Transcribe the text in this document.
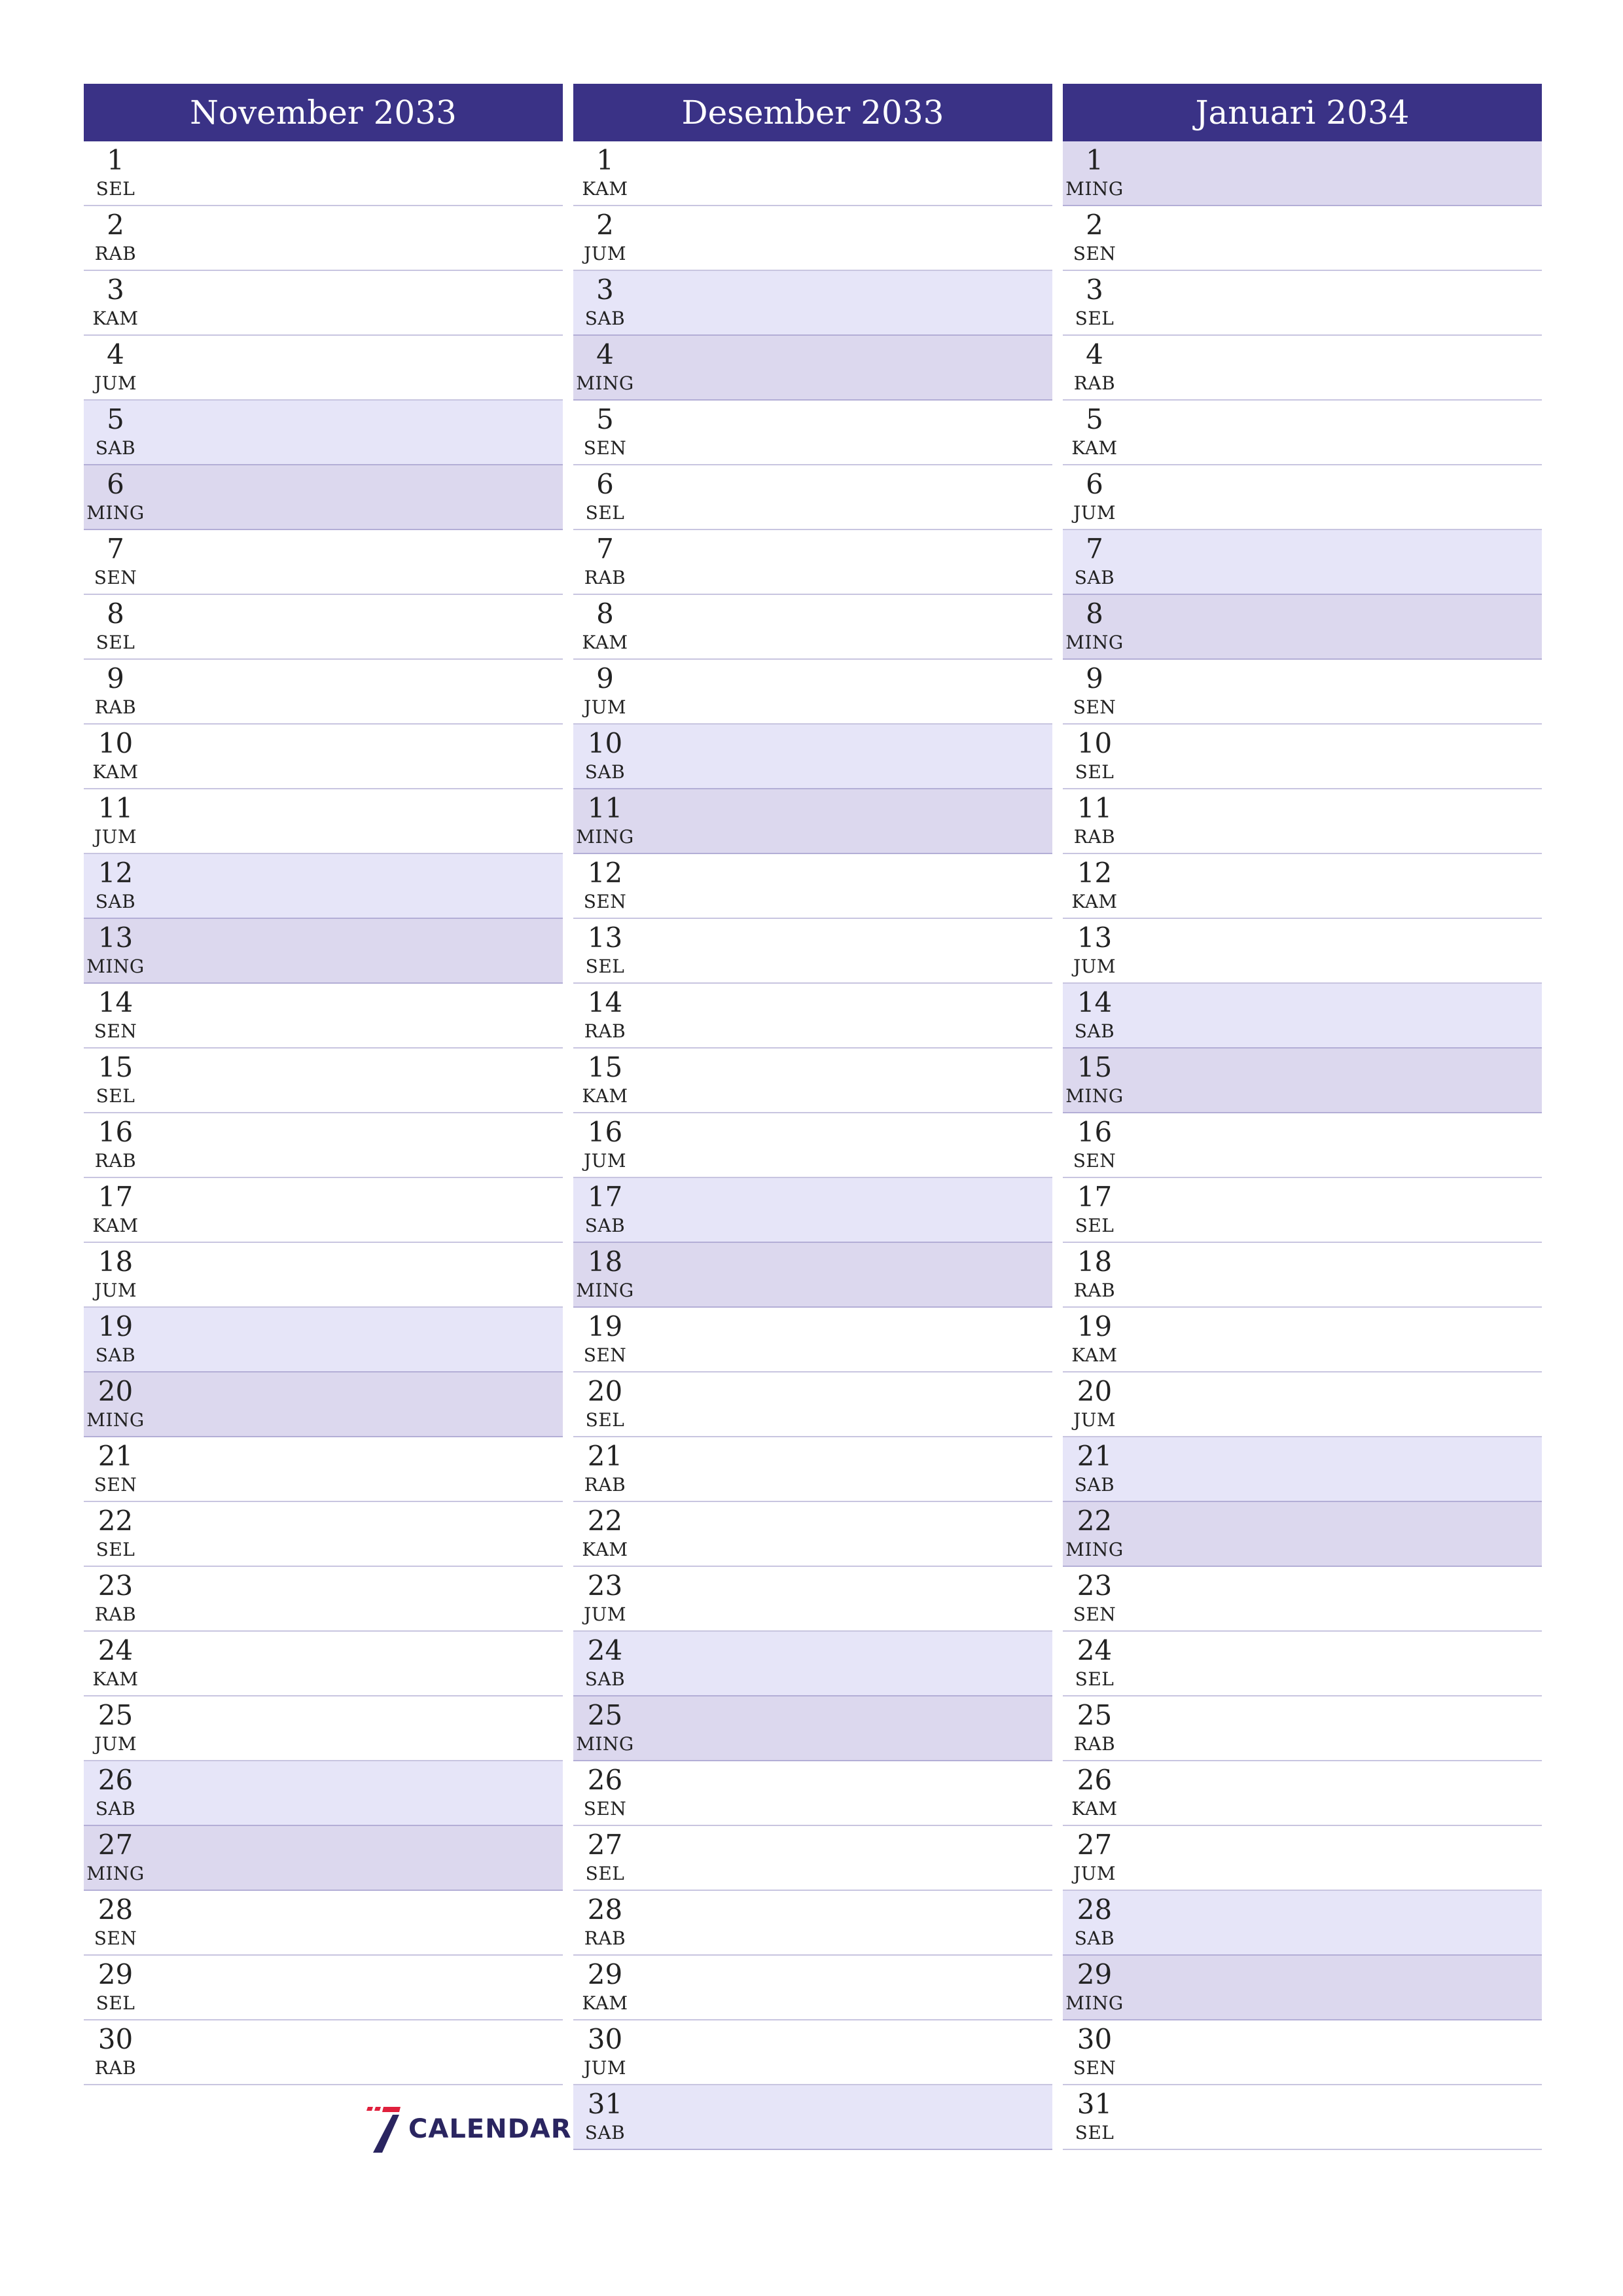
November 2033
1
SEL
2
RAB
3
KAM
4
JUM
5
SAB
6
MING
7
SEN
8
SEL
9
RAB
10
KAM
11
JUM
12
SAB
13
MING
14
SEN
15
SEL
16
RAB
17
KAM
18
JUM
19
SAB
20
MING
21
SEN
22
SEL
23
RAB
24
KAM
25
JUM
26
SAB
27
MING
28
SEN
29
SEL
30
RAB
Desember 2033
1
KAM
2
JUM
3
SAB
4
MING
5
SEN
6
SEL
7
RAB
8
KAM
9
JUM
10
SAB
11
MING
12
SEN
13
SEL
14
RAB
15
KAM
16
JUM
17
SAB
18
MING
19
SEN
20
SEL
21
RAB
22
KAM
23
JUM
24
SAB
25
MING
26
SEN
27
SEL
28
RAB
29
KAM
30
JUM
31
SAB
Januari 2034
1
MING
2
SEN
3
SEL
4
RAB
5
KAM
6
JUM
7
SAB
8
MING
9
SEN
10
SEL
11
RAB
12
KAM
13
JUM
14
SAB
15
MING
16
SEN
17
SEL
18
RAB
19
KAM
20
JUM
21
SAB
22
MING
23
SEN
24
SEL
25
RAB
26
KAM
27
JUM
28
SAB
29
MING
30
SEN
31
SEL
CALENDAR
